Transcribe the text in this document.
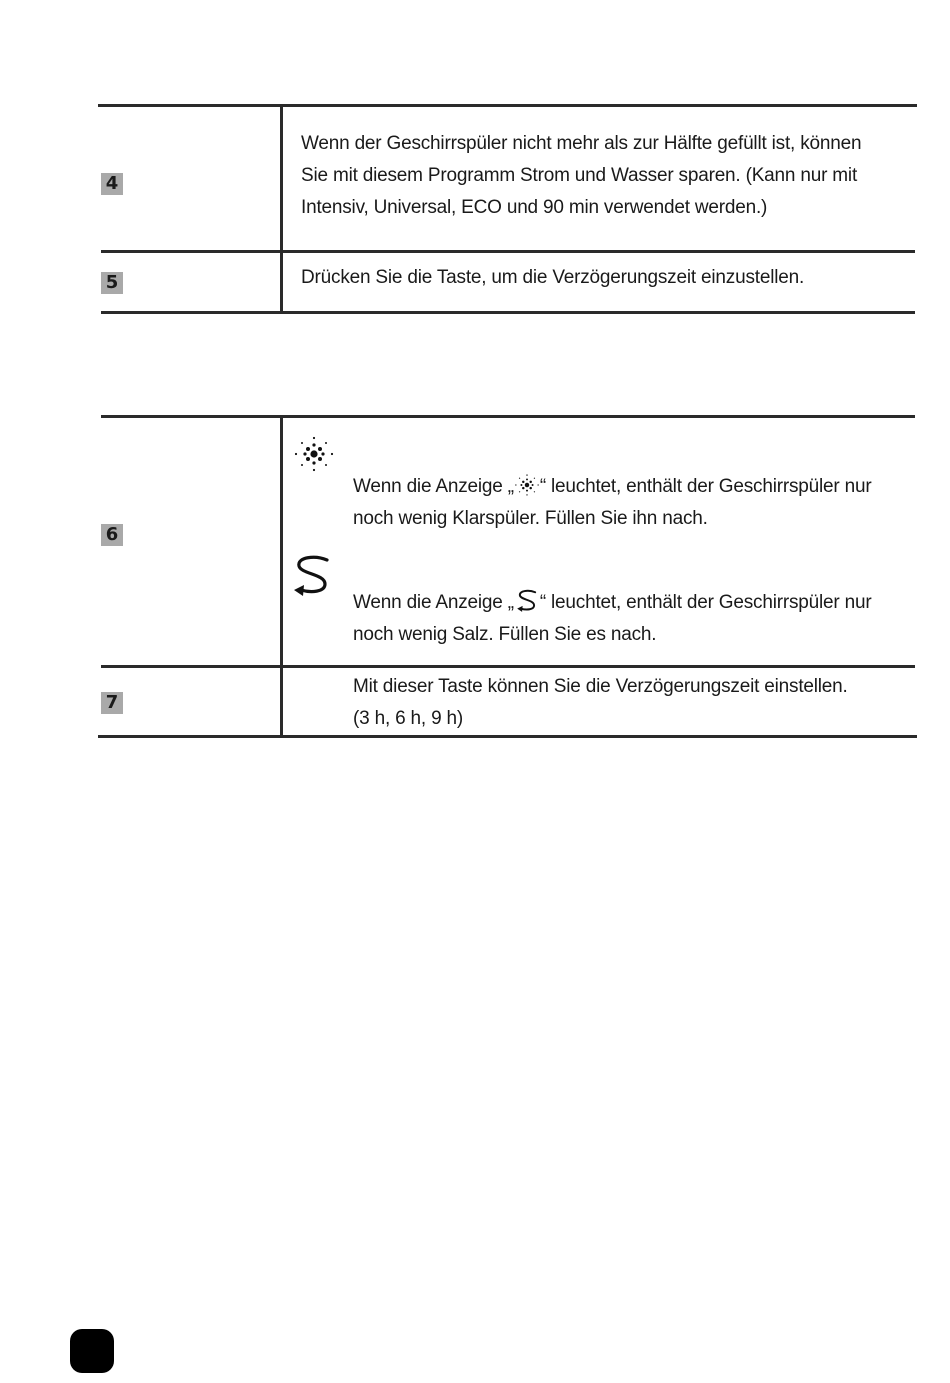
4
Wenn der Geschirrspüler nicht mehr als zur Hälfte gefüllt ist, können
Sie mit diesem Programm Strom und Wasser sparen. (Kann nur mit
Intensiv, Universal, ECO und 90 min verwendet werden.)
5	Drücken Sie die Taste, um die Verzögerungszeit einzustellen.
6
Wenn die Anzeige „ “ leuchtet, enthält der Geschirrspüler nur
noch wenig Klarspüler. Füllen Sie ihn nach.
Wenn die Anzeige „ “ leuchtet, enthält der Geschirrspüler nur
noch wenig Salz. Füllen Sie es nach.
7
Mit dieser Taste können Sie die Verzögerungszeit einstellen.
(3 h, 6 h, 9 h)
